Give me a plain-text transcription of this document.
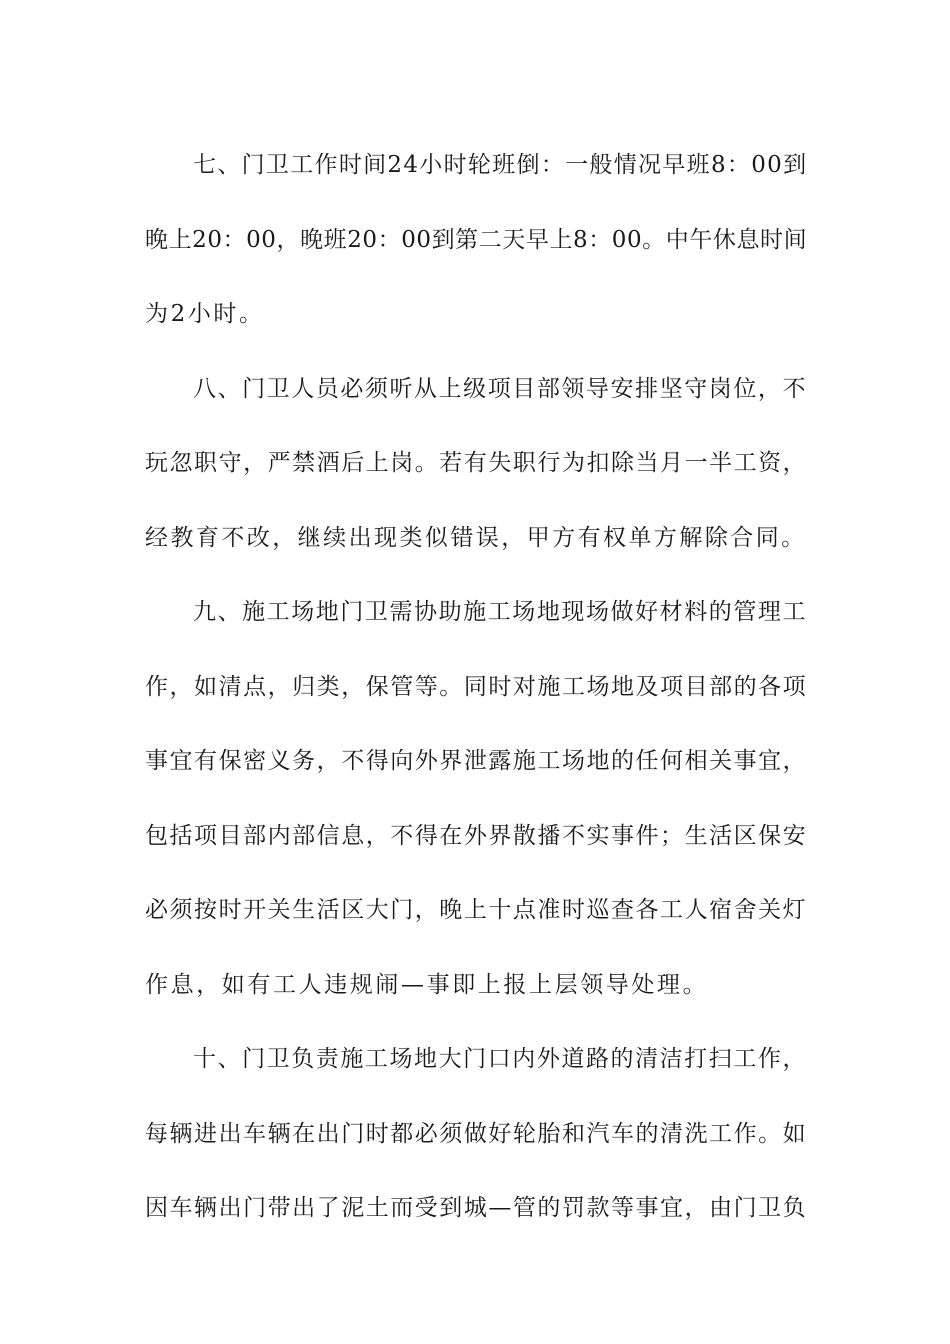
七、门卫工作时间24小时轮班倒：一般情况早班8：00到
晚上20：00，晚班20：00到第二天早上8：00。中午休息时间
为2小时。
八、门卫人员必须听从上级项目部领导安排坚守岗位，不
玩忽职守，严禁酒后上岗。若有失职行为扣除当月一半工资，
经教育不改，继续出现类似错误，甲方有权单方解除合同。
九、施工场地门卫需协助施工场地现场做好材料的管理工
作，如清点，归类，保管等。同时对施工场地及项目部的各项
事宜有保密义务，不得向外界泄露施工场地的任何相关事宜，
包括项目部内部信息，不得在外界散播不实事件；生活区保安
必须按时开关生活区大门，晚上十点准时巡查各工人宿舍关灯
作息，如有工人违规闹—事即上报上层领导处理。
十、门卫负责施工场地大门口内外道路的清洁打扫工作，
每辆进出车辆在出门时都必须做好轮胎和汽车的清洗工作。如
因车辆出门带出了泥土而受到城—管的罚款等事宜，由门卫负
